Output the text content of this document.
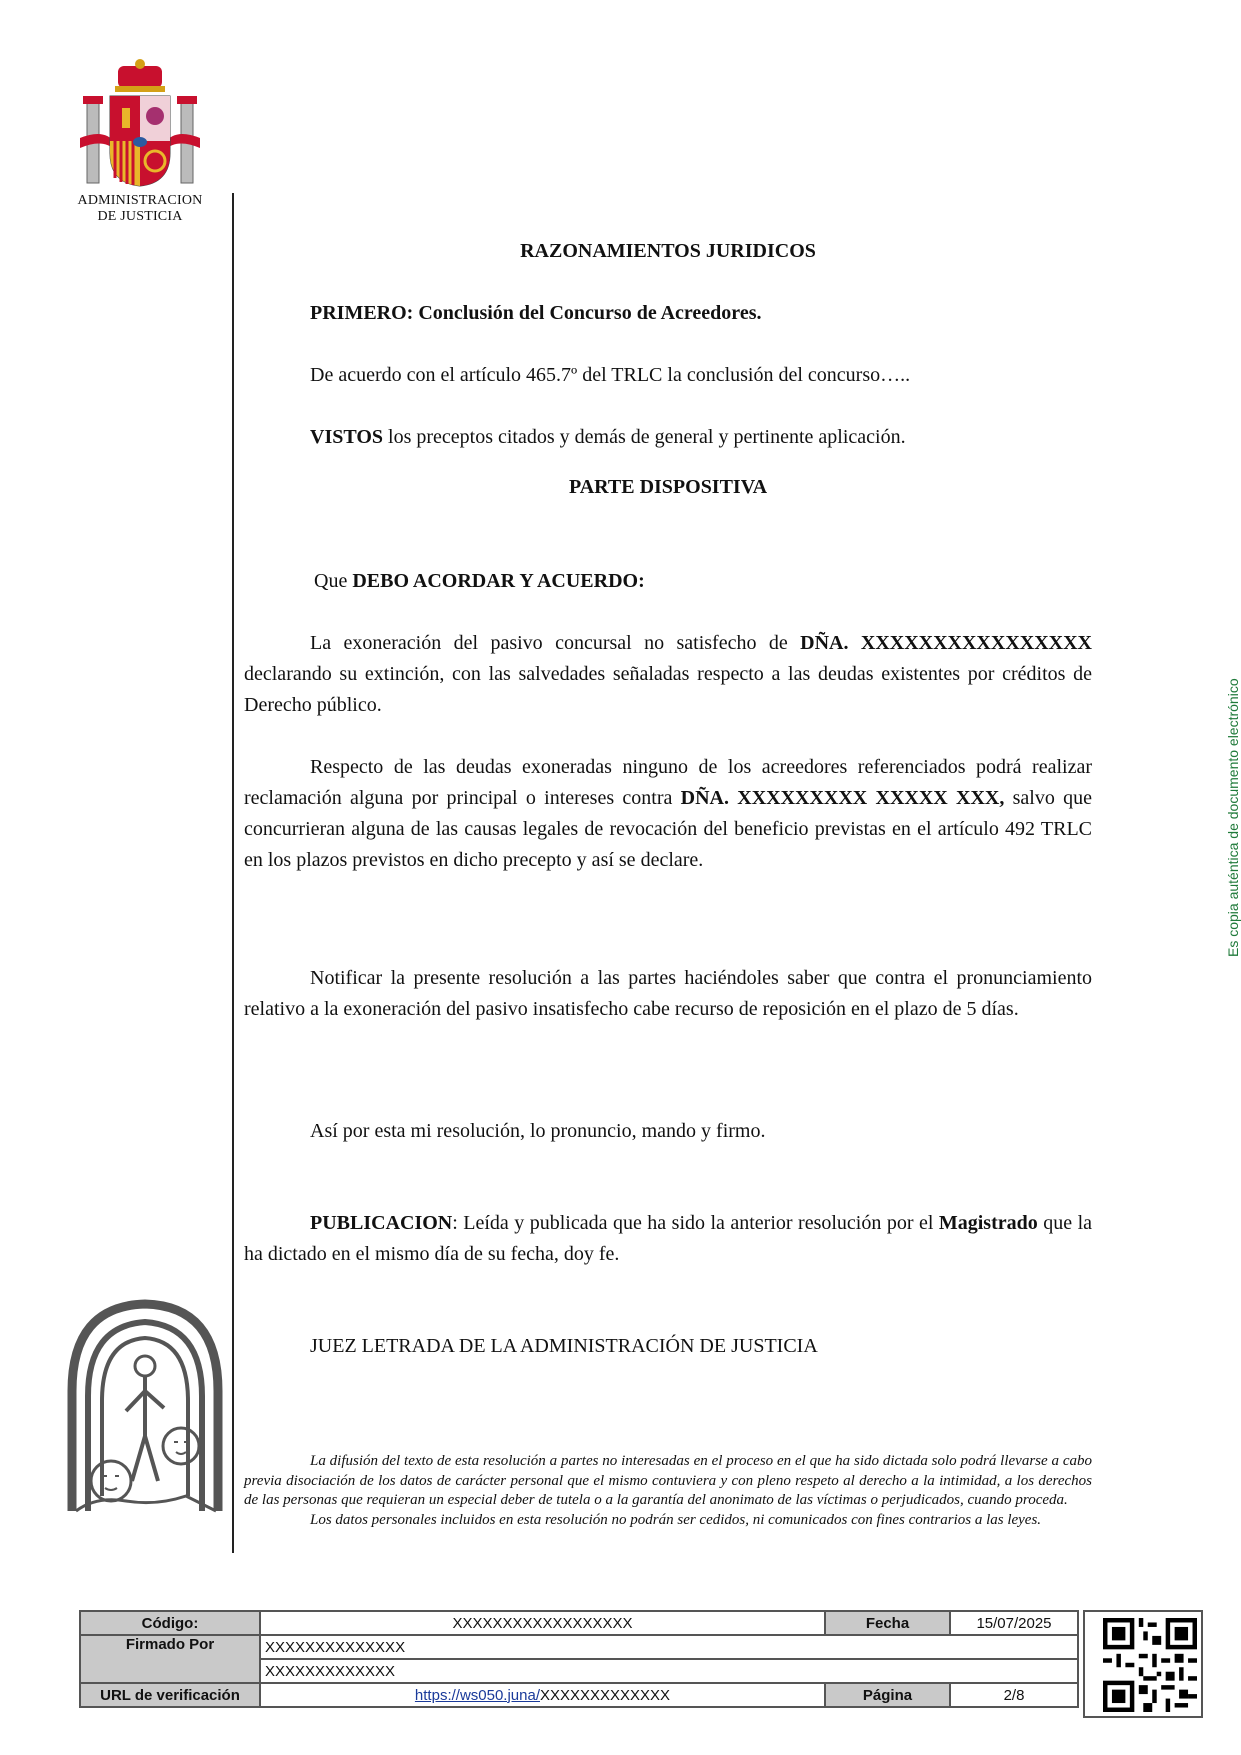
ADMINISTRACION
DE JUSTICIA
RAZONAMIENTOS JURIDICOS
PRIMERO: Conclusión del Concurso de Acreedores.
De acuerdo con el artículo 465.7º del TRLC la conclusión del concurso…..
VISTOS los preceptos citados y demás de general y pertinente aplicación.
PARTE DISPOSITIVA
Que DEBO ACORDAR Y ACUERDO:
La exoneración del pasivo concursal no satisfecho de DÑA. XXXXXXXXXXXXXXXX declarando su extinción, con las salvedades señaladas respecto a las deudas existentes por créditos de Derecho público.
Respecto de las deudas exoneradas ninguno de los acreedores referenciados podrá realizar reclamación alguna por principal o intereses contra DÑA. XXXXXXXXX XXXXX XXX, salvo que concurrieran alguna de las causas legales de revocación del beneficio previstas en el artículo 492 TRLC en los plazos previstos en dicho precepto y así se declare.
Notificar la presente resolución a las partes haciéndoles saber que contra el pronunciamiento relativo a la exoneración del pasivo insatisfecho cabe recurso de reposición en el plazo de 5 días.
Así por esta mi resolución, lo pronuncio, mando y firmo.
PUBLICACION: Leída y publicada que ha sido la anterior resolución por el Magistrado que la ha dictado en el mismo día de su fecha, doy fe.
JUEZ LETRADA DE LA ADMINISTRACIÓN DE JUSTICIA
La difusión del texto de esta resolución a partes no interesadas en el proceso en el que ha sido dictada solo podrá llevarse a cabo previa disociación de los datos de carácter personal que el mismo contuviera y con pleno respeto al derecho a la intimidad, a los derechos de las personas que requieran un especial deber de tutela o a la garantía del anonimato de las víctimas o perjudicados, cuando proceda.
Los datos personales incluidos en esta resolución no podrán ser cedidos, ni comunicados con fines contrarios a las leyes.
Es copia auténtica de documento electrónico
Código:	XXXXXXXXXXXXXXXXXX	Fecha	15/07/2025
Firmado Por	XXXXXXXXXXXXXX		
	XXXXXXXXXXXXX		
URL de verificación	https://ws050.juna/XXXXXXXXXXXXX	Página	2/8
